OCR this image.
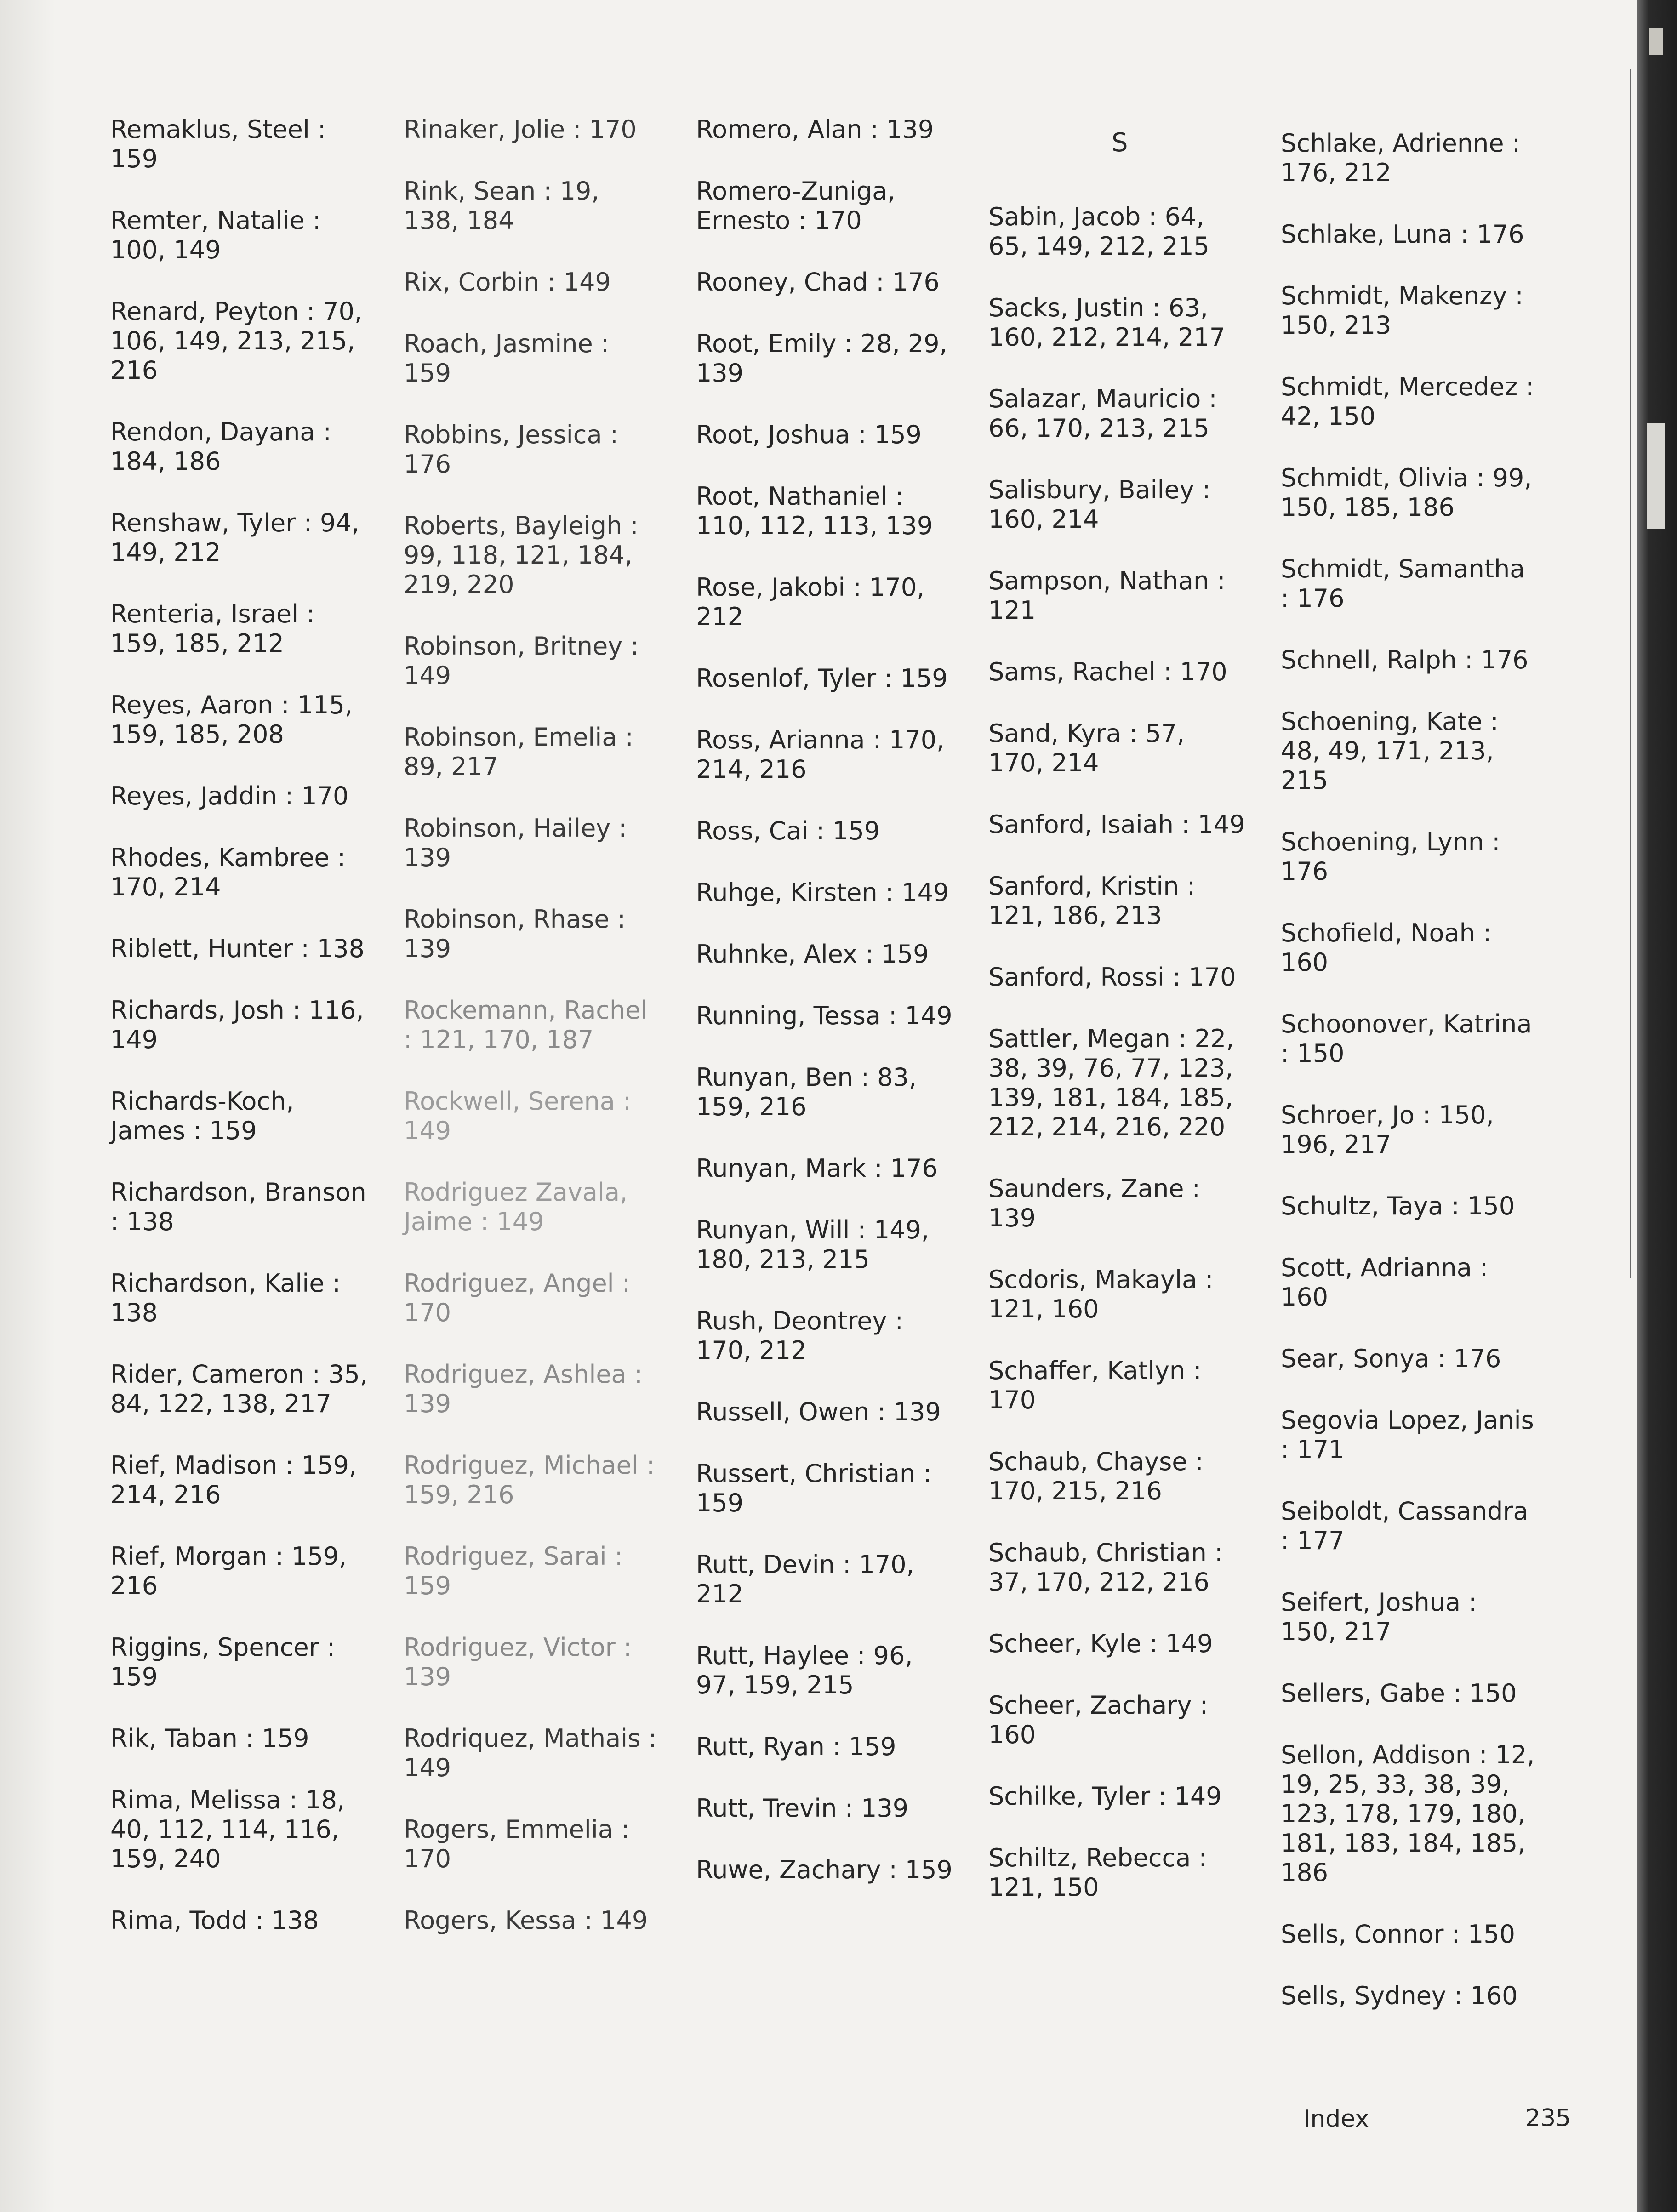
Remaklus, Steel : 159
Remter, Natalie : 100, 149
Renard, Peyton : 70, 106, 149, 213, 215, 216
Rendon, Dayana : 184, 186
Renshaw, Tyler : 94, 149, 212
Renteria, Israel : 159, 185, 212
Reyes, Aaron : 115, 159, 185, 208
Reyes, Jaddin : 170
Rhodes, Kambree : 170, 214
Riblett, Hunter : 138
Richards, Josh : 116, 149
Richards-Koch, James : 159
Richardson, Branson : 138
Richardson, Kalie : 138
Rider, Cameron : 35, 84, 122, 138, 217
Rief, Madison : 159, 214, 216
Rief, Morgan : 159, 216
Riggins, Spencer : 159
Rik, Taban : 159
Rima, Melissa : 18, 40, 112, 114, 116, 159, 240
Rima, Todd : 138
Rinaker, Jolie : 170
Rink, Sean : 19, 138, 184
Rix, Corbin : 149
Roach, Jasmine : 159
Robbins, Jessica : 176
Roberts, Bayleigh : 99, 118, 121, 184, 219, 220
Robinson, Britney : 149
Robinson, Emelia : 89, 217
Robinson, Hailey : 139
Robinson, Rhase : 139
Rockemann, Rachel : 121, 170, 187
Rockwell, Serena : 149
Rodriguez Zavala, Jaime : 149
Rodriguez, Angel : 170
Rodriguez, Ashlea : 139
Rodriguez, Michael : 159, 216
Rodriguez, Sarai : 159
Rodriguez, Victor : 139
Rodriquez, Mathais : 149
Rogers, Emmelia : 170
Rogers, Kessa : 149
Romero, Alan : 139
Romero-Zuniga, Ernesto : 170
Rooney, Chad : 176
Root, Emily : 28, 29, 139
Root, Joshua : 159
Root, Nathaniel : 110, 112, 113, 139
Rose, Jakobi : 170, 212
Rosenlof, Tyler : 159
Ross, Arianna : 170, 214, 216
Ross, Cai : 159
Ruhge, Kirsten : 149
Ruhnke, Alex : 159
Running, Tessa : 149
Runyan, Ben : 83, 159, 216
Runyan, Mark : 176
Runyan, Will : 149, 180, 213, 215
Rush, Deontrey : 170, 212
Russell, Owen : 139
Russert, Christian : 159
Rutt, Devin : 170, 212
Rutt, Haylee : 96, 97, 159, 215
Rutt, Ryan : 159
Rutt, Trevin : 139
Ruwe, Zachary : 159
S
Sabin, Jacob : 64, 65, 149, 212, 215
Sacks, Justin : 63, 160, 212, 214, 217
Salazar, Mauricio : 66, 170, 213, 215
Salisbury, Bailey : 160, 214
Sampson, Nathan : 121
Sams, Rachel : 170
Sand, Kyra : 57, 170, 214
Sanford, Isaiah : 149
Sanford, Kristin : 121, 186, 213
Sanford, Rossi : 170
Sattler, Megan : 22, 38, 39, 76, 77, 123, 139, 181, 184, 185, 212, 214, 216, 220
Saunders, Zane : 139
Scdoris, Makayla : 121, 160
Schaffer, Katlyn : 170
Schaub, Chayse : 170, 215, 216
Schaub, Christian : 37, 170, 212, 216
Scheer, Kyle : 149
Scheer, Zachary : 160
Schilke, Tyler : 149
Schiltz, Rebecca : 121, 150
Schlake, Adrienne : 176, 212
Schlake, Luna : 176
Schmidt, Makenzy : 150, 213
Schmidt, Mercedez : 42, 150
Schmidt, Olivia : 99, 150, 185, 186
Schmidt, Samantha : 176
Schnell, Ralph : 176
Schoening, Kate : 48, 49, 171, 213, 215
Schoening, Lynn : 176
Schofield, Noah : 160
Schoonover, Katrina : 150
Schroer, Jo : 150, 196, 217
Schultz, Taya : 150
Scott, Adrianna : 160
Sear, Sonya : 176
Segovia Lopez, Janis : 171
Seiboldt, Cassandra : 177
Seifert, Joshua : 150, 217
Sellers, Gabe : 150
Sellon, Addison : 12, 19, 25, 33, 38, 39, 123, 178, 179, 180, 181, 183, 184, 185, 186
Sells, Connor : 150
Sells, Sydney : 160
Index	235
